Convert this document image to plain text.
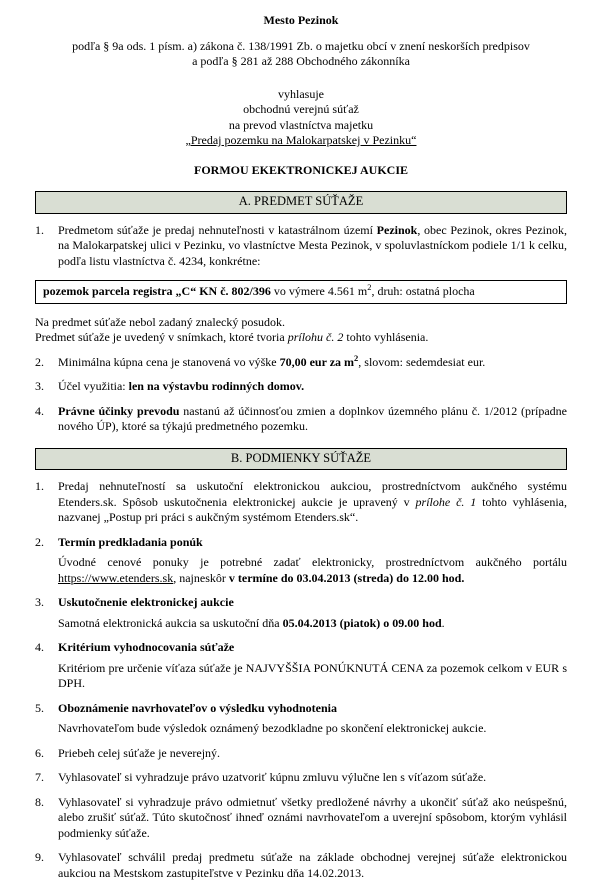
Mesto Pezinok
podľa § 9a ods. 1 písm. a) zákona č. 138/1991 Zb. o majetku obcí v znení neskorších predpisov
a podľa § 281 až 288 Obchodného zákonníka
vyhlasuje
obchodnú verejnú súťaž
na prevod vlastníctva majetku
„Predaj pozemku na Malokarpatskej v Pezinku“
FORMOU EKEKTRONICKEJ AUKCIE
A. PREDMET SÚŤAŽE
1.	Predmetom súťaže je predaj nehnuteľnosti v katastrálnom území Pezinok, obec Pezinok, okres Pezinok, na Malokarpatskej ulici v Pezinku, vo vlastníctve Mesta Pezinok, v spoluvlastníckom podiele 1/1 k celku, podľa listu vlastníctva č. 4234, konkrétne:
pozemok parcela registra „C“ KN č. 802/396 vo výmere 4.561 $m^2$, druh: ostatná plocha
Na predmet súťaže nebol zadaný znalecký posudok.
Predmet súťaže je uvedený v snímkach, ktoré tvoria prílohu č. 2 tohto vyhlásenia.
2.	Minimálna kúpna cena je stanovená vo výške 70,00 eur za $m^2$, slovom: sedemdesiat eur.
3.	Účel využitia: len na výstavbu rodinných domov.
4.	Právne účinky prevodu nastanú až účinnosťou zmien a doplnkov územného plánu č. 1/2012 (prípadne nového ÚP), ktoré sa týkajú predmetného pozemku.
B. PODMIENKY SÚŤAŽE
1.	Predaj nehnuteľností sa uskutoční elektronickou aukciou, prostredníctvom aukčného systému Etenders.sk. Spôsob uskutočnenia elektronickej aukcie je upravený v prílohe č. 1 tohto vyhlásenia, nazvanej „Postup pri práci s aukčným systémom Etenders.sk“.
2.	Termín predkladania ponúk
Úvodné cenové ponuky je potrebné zadať elektronicky, prostredníctvom aukčného portálu https://www.etenders.sk, najneskôr v termíne do 03.04.2013 (streda) do 12.00 hod.
3.	Uskutočnenie elektronickej aukcie
Samotná elektronická aukcia sa uskutoční dňa 05.04.2013 (piatok) o 09.00 hod.
4.	Kritérium vyhodnocovania súťaže
Kritériom pre určenie víťaza súťaže je NAJVYŠŠIA PONÚKNUTÁ CENA za pozemok celkom v EUR s DPH.
5.	Oboznámenie navrhovateľov o výsledku vyhodnotenia
Navrhovateľom bude výsledok oznámený bezodkladne po skončení elektronickej aukcie.
6.	Priebeh celej súťaže je neverejný.
7.	Vyhlasovateľ si vyhradzuje právo uzatvoriť kúpnu zmluvu výlučne len s víťazom súťaže.
8.	Vyhlasovateľ si vyhradzuje právo odmietnuť všetky predložené návrhy a ukončiť súťaž ako neúspešnú, alebo zrušiť súťaž. Túto skutočnosť ihneď oznámi navrhovateľom a uverejní spôsobom, ktorým vyhlásil podmienky súťaže.
9.	Vyhlasovateľ schválil predaj predmetu súťaže na základe obchodnej verejnej súťaže elektronickou aukciou na Mestskom zastupiteľstve v Pezinku dňa 14.02.2013.
